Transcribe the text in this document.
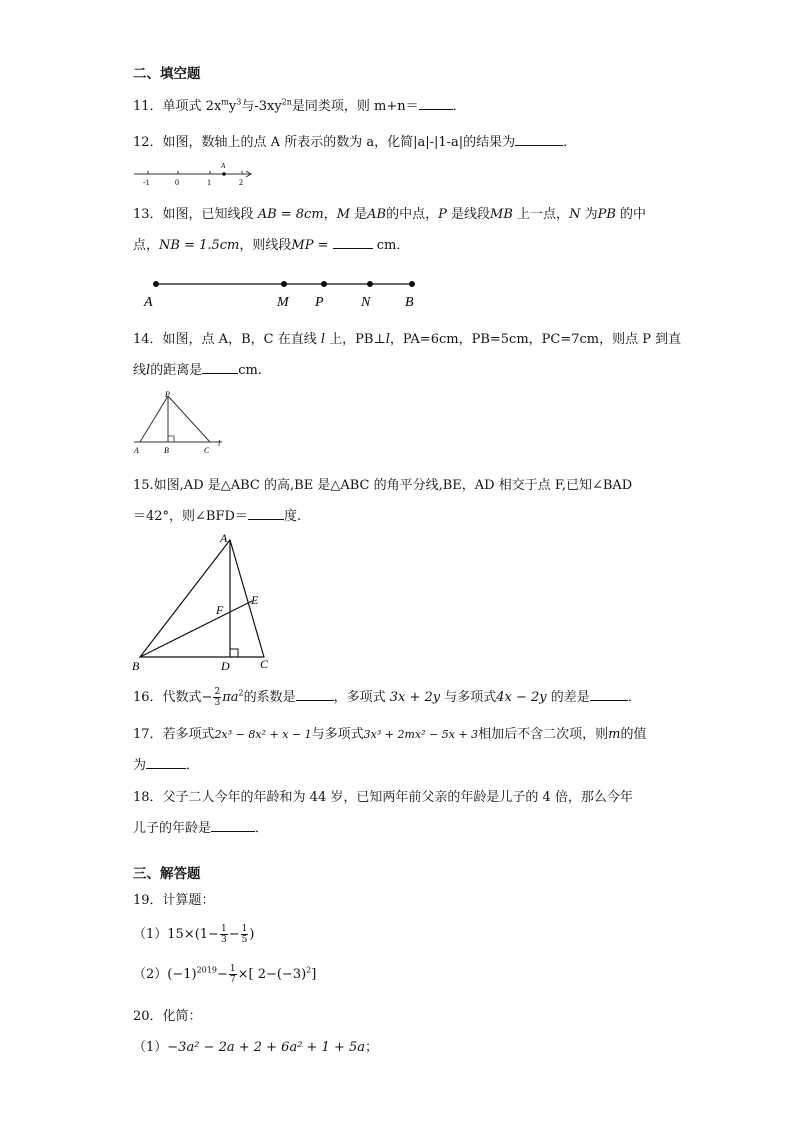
二、填空题
11．单项式 $2x^my^3$与$-3xy^{2n}$是同类项，则 m+n＝	．
12．如图，数轴上的点 A 所表示的数为 a，化简|a|-|1-a|的结果为	．
A
-1	0	1	2
13．如图，已知线段 AB = 8cm，M 是AB的中点，P 是线段MB 上一点，N 为PB 的中
点，NB = 1.5cm，则线段MP =	cm．
A	M P	N B
14．如图，点 A，B，C 在直线 l 上，PB⊥l，PA=6cm，PB=5cm，PC=7cm，则点 P 到直
线l的距离是	cm.
P
A	B	C
l
15.如图,AD 是△ABC 的高,BE 是△ABC 的角平分线,BE，AD 相交于点 F,已知∠BAD
＝42°，则∠BFD＝	度.
A
E
F
B	D	C
16．代数式− $\frac{2}{3} \pi a^2$的系数是	，多项式 3x + 2y 与多项式4x − 2y 的差是	．
17．若多项式2x³ − 8x² + x − 1与多项式3x³ + 2mx² − 5x + 3相加后不含二次项，则m的值
为	．
18．父子二人今年的年龄和为 44 岁，已知两年前父亲的年龄是儿子的 4 倍，那么今年
儿子的年龄是	．
三、解答题
19．计算题：
$(1)15\times(1- \frac{1}{3} - \frac{1}{5}$ )
$(2)(-1)^{2019}- \frac{1}{7}$ ×[ $2-(-3)^2$]
20．化简：
（1）−3a² − 2a + 2 + 6a² + 1 + 5a；
